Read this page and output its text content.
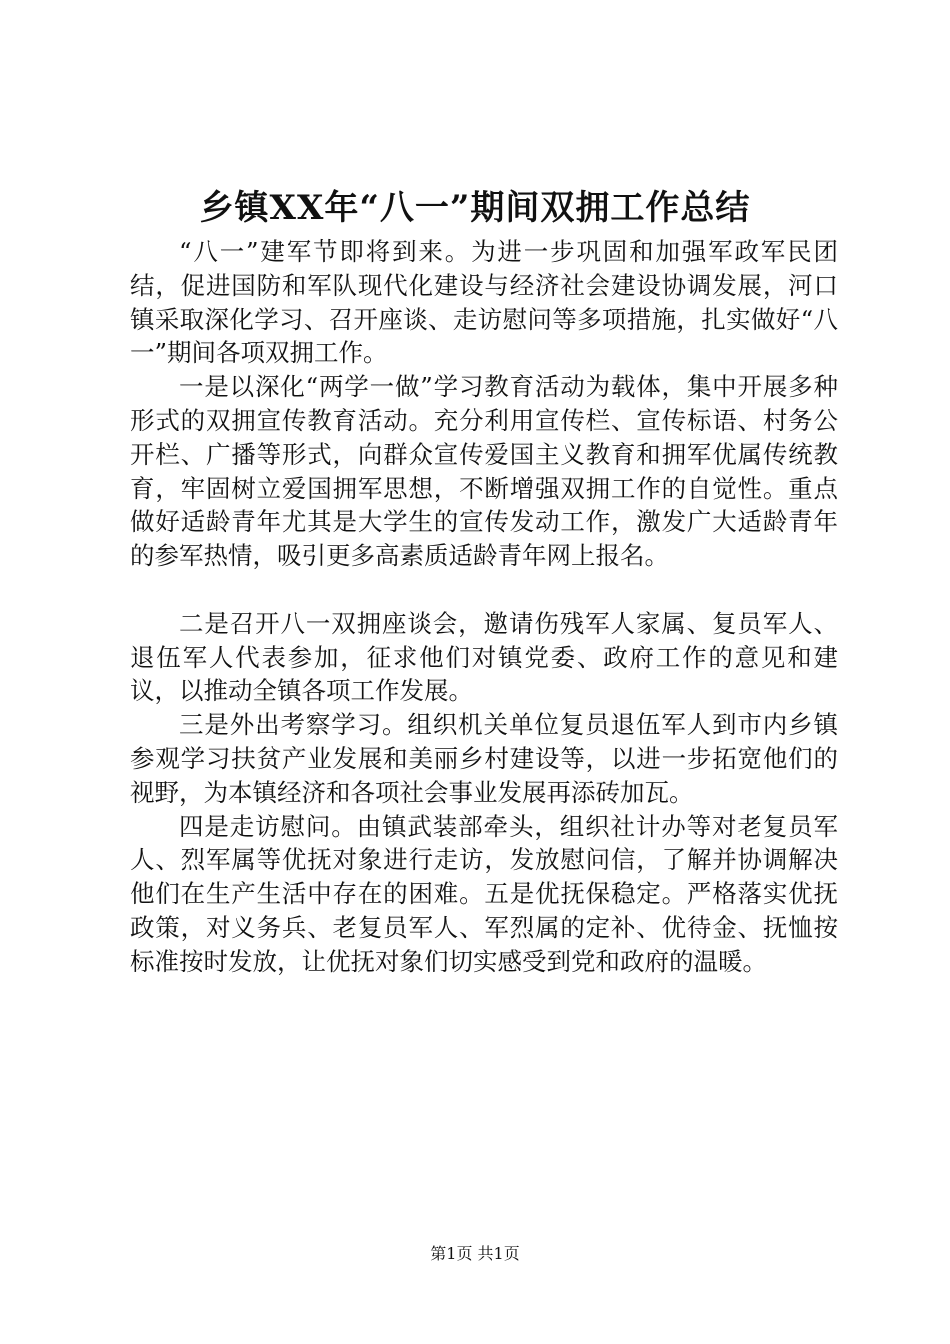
乡镇XX年“八一”期间双拥工作总结

“八一”建军节即将到来。为进一步巩固和加强军政军民团结，促进国防和军队现代化建设与经济社会建设协调发展，河口镇采取深化学习、召开座谈、走访慰问等多项措施，扎实做好“八一”期间各项双拥工作。

一是以深化“两学一做”学习教育活动为载体，集中开展多种形式的双拥宣传教育活动。充分利用宣传栏、宣传标语、村务公开栏、广播等形式，向群众宣传爱国主义教育和拥军优属传统教育，牢固树立爱国拥军思想，不断增强双拥工作的自觉性。重点做好适龄青年尤其是大学生的宣传发动工作，激发广大适龄青年的参军热情，吸引更多高素质适龄青年网上报名。

二是召开八一双拥座谈会，邀请伤残军人家属、复员军人、退伍军人代表参加，征求他们对镇党委、政府工作的意见和建议，以推动全镇各项工作发展。

三是外出考察学习。组织机关单位复员退伍军人到市内乡镇参观学习扶贫产业发展和美丽乡村建设等，以进一步拓宽他们的视野，为本镇经济和各项社会事业发展再添砖加瓦。

四是走访慰问。由镇武装部牵头，组织社计办等对老复员军人、烈军属等优抚对象进行走访，发放慰问信，了解并协调解决他们在生产生活中存在的困难。五是优抚保稳定。严格落实优抚政策，对义务兵、老复员军人、军烈属的定补、优待金、抚恤按标准按时发放，让优抚对象们切实感受到党和政府的温暖。

第1页 共1页
